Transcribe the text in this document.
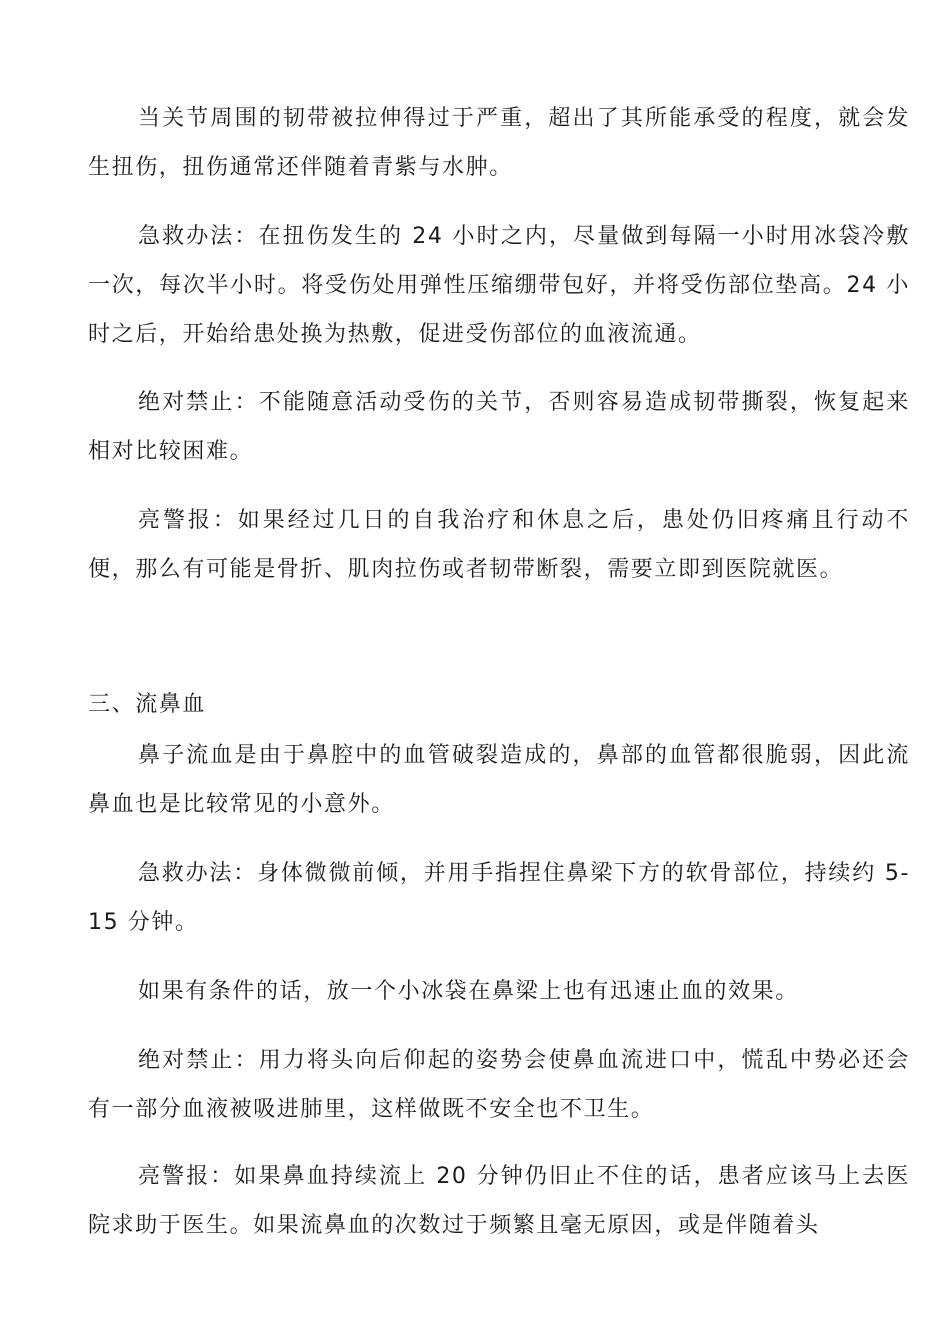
当关节周围的韧带被拉伸得过于严重，超出了其所能承受的程度，就会发生扭伤，扭伤通常还伴随着青紫与水肿。

急救办法：在扭伤发生的 24 小时之内，尽量做到每隔一小时用冰袋冷敷一次，每次半小时。将受伤处用弹性压缩绷带包好，并将受伤部位垫高。24 小时之后，开始给患处换为热敷，促进受伤部位的血液流通。

绝对禁止：不能随意活动受伤的关节，否则容易造成韧带撕裂，恢复起来相对比较困难。

亮警报：如果经过几日的自我治疗和休息之后，患处仍旧疼痛且行动不便，那么有可能是骨折、肌肉拉伤或者韧带断裂，需要立即到医院就医。

三、流鼻血

鼻子流血是由于鼻腔中的血管破裂造成的，鼻部的血管都很脆弱，因此流鼻血也是比较常见的小意外。

急救办法：身体微微前倾，并用手指捏住鼻梁下方的软骨部位，持续约 5-15 分钟。

如果有条件的话，放一个小冰袋在鼻梁上也有迅速止血的效果。

绝对禁止：用力将头向后仰起的姿势会使鼻血流进口中，慌乱中势必还会有一部分血液被吸进肺里，这样做既不安全也不卫生。

亮警报：如果鼻血持续流上 20 分钟仍旧止不住的话，患者应该马上去医院求助于医生。如果流鼻血的次数过于频繁且毫无原因，或是伴随着头
